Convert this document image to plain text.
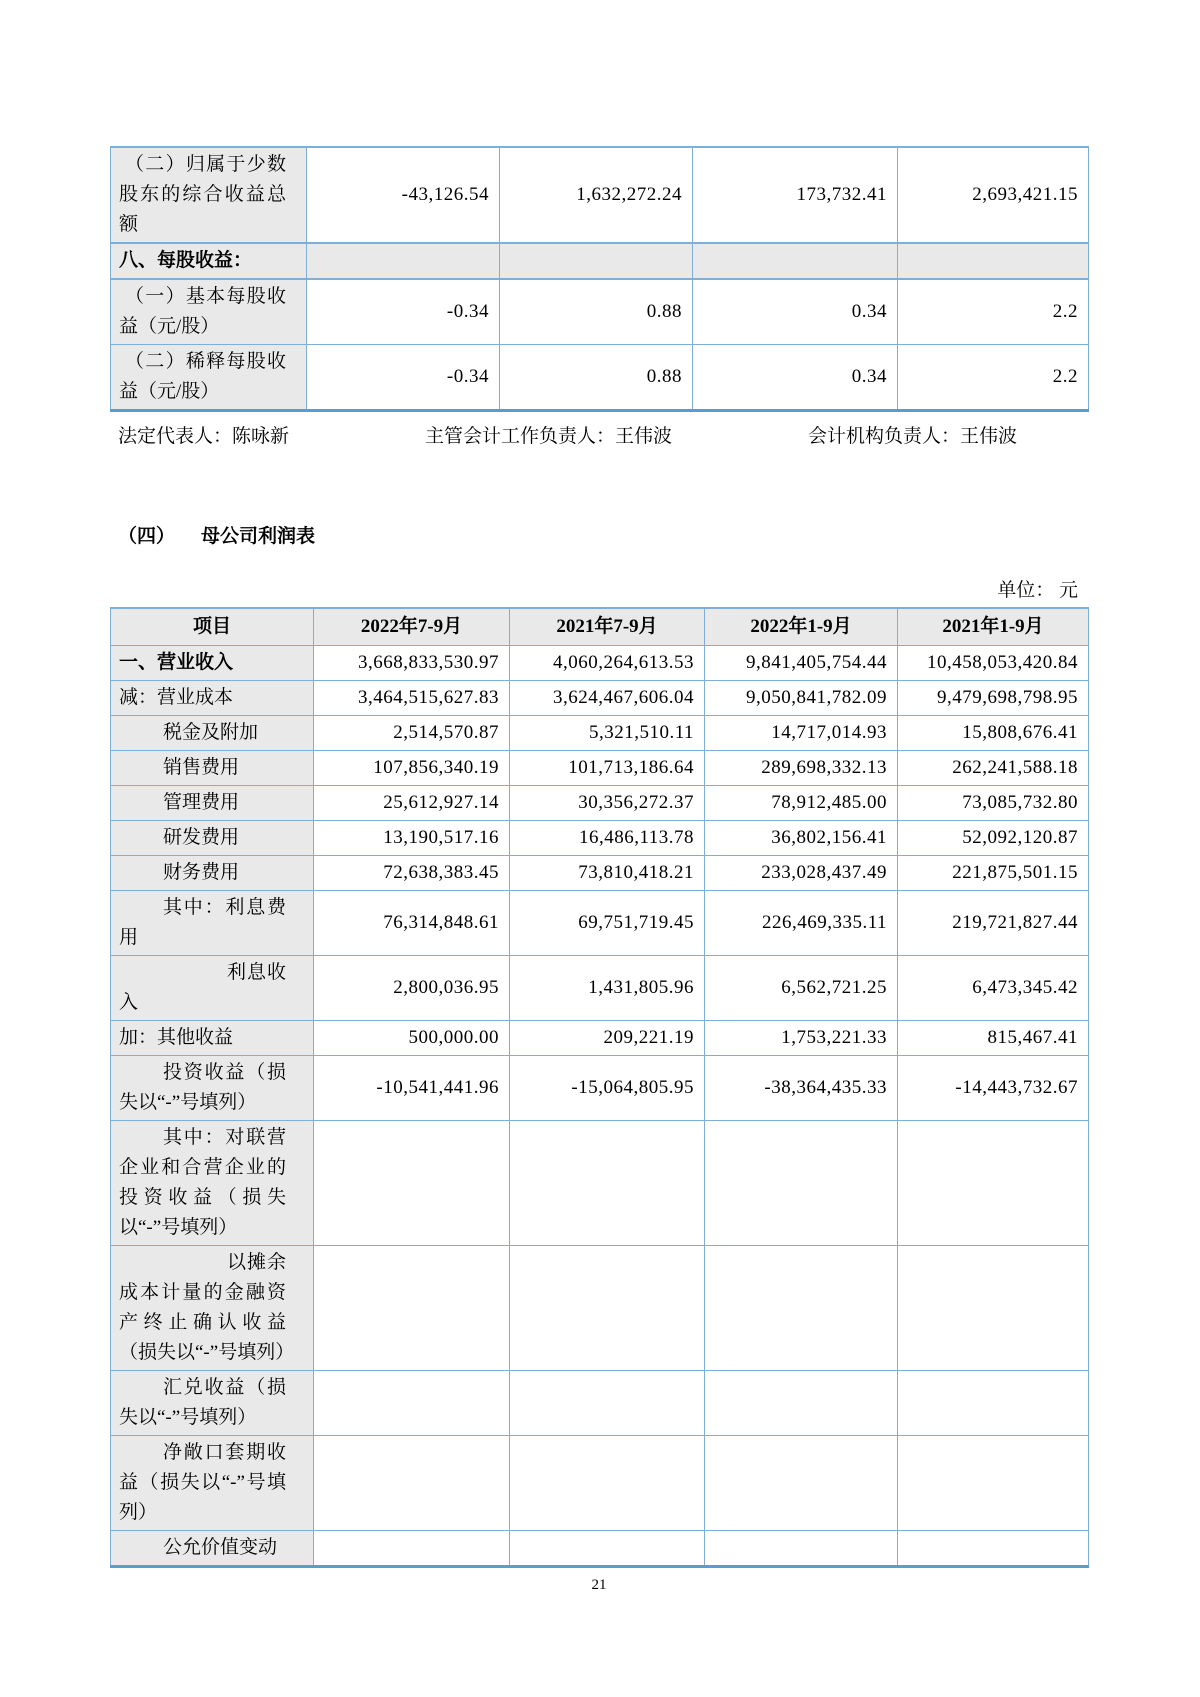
（二）归属于少数股东的综合收益总额	-43,126.54	1,632,272.24	173,732.41	2,693,421.15
八、每股收益：				
（一）基本每股收益（元/股）	-0.34	0.88	0.34	2.2
（二）稀释每股收益（元/股）	-0.34	0.88	0.34	2.2
法定代表人：陈咏新	主管会计工作负责人：王伟波	会计机构负责人：王伟波
（四） 母公司利润表
单位： 元
项目	2022年7-9月	2021年7-9月	2022年1-9月	2021年1-9月
一、营业收入	3,668,833,530.97	4,060,264,613.53	9,841,405,754.44	10,458,053,420.84
减：营业成本	3,464,515,627.83	3,624,467,606.04	9,050,841,782.09	9,479,698,798.95
税金及附加	2,514,570.87	5,321,510.11	14,717,014.93	15,808,676.41
销售费用	107,856,340.19	101,713,186.64	289,698,332.13	262,241,588.18
管理费用	25,612,927.14	30,356,272.37	78,912,485.00	73,085,732.80
研发费用	13,190,517.16	16,486,113.78	36,802,156.41	52,092,120.87
财务费用	72,638,383.45	73,810,418.21	233,028,437.49	221,875,501.15
其中：利息费用	76,314,848.61	69,751,719.45	226,469,335.11	219,721,827.44
利息收入	2,800,036.95	1,431,805.96	6,562,721.25	6,473,345.42
加：其他收益	500,000.00	209,221.19	1,753,221.33	815,467.41
投资收益（损失以“-”号填列）	-10,541,441.96	-15,064,805.95	-38,364,435.33	-14,443,732.67
其中：对联营企业和合营企业的投资收益（损失以“-”号填列）				
以摊余成本计量的金融资产终止确认收益（损失以“-”号填列）				
汇兑收益（损失以“-”号填列）				
净敞口套期收益（损失以“-”号填列）				
公允价值变动				
21
